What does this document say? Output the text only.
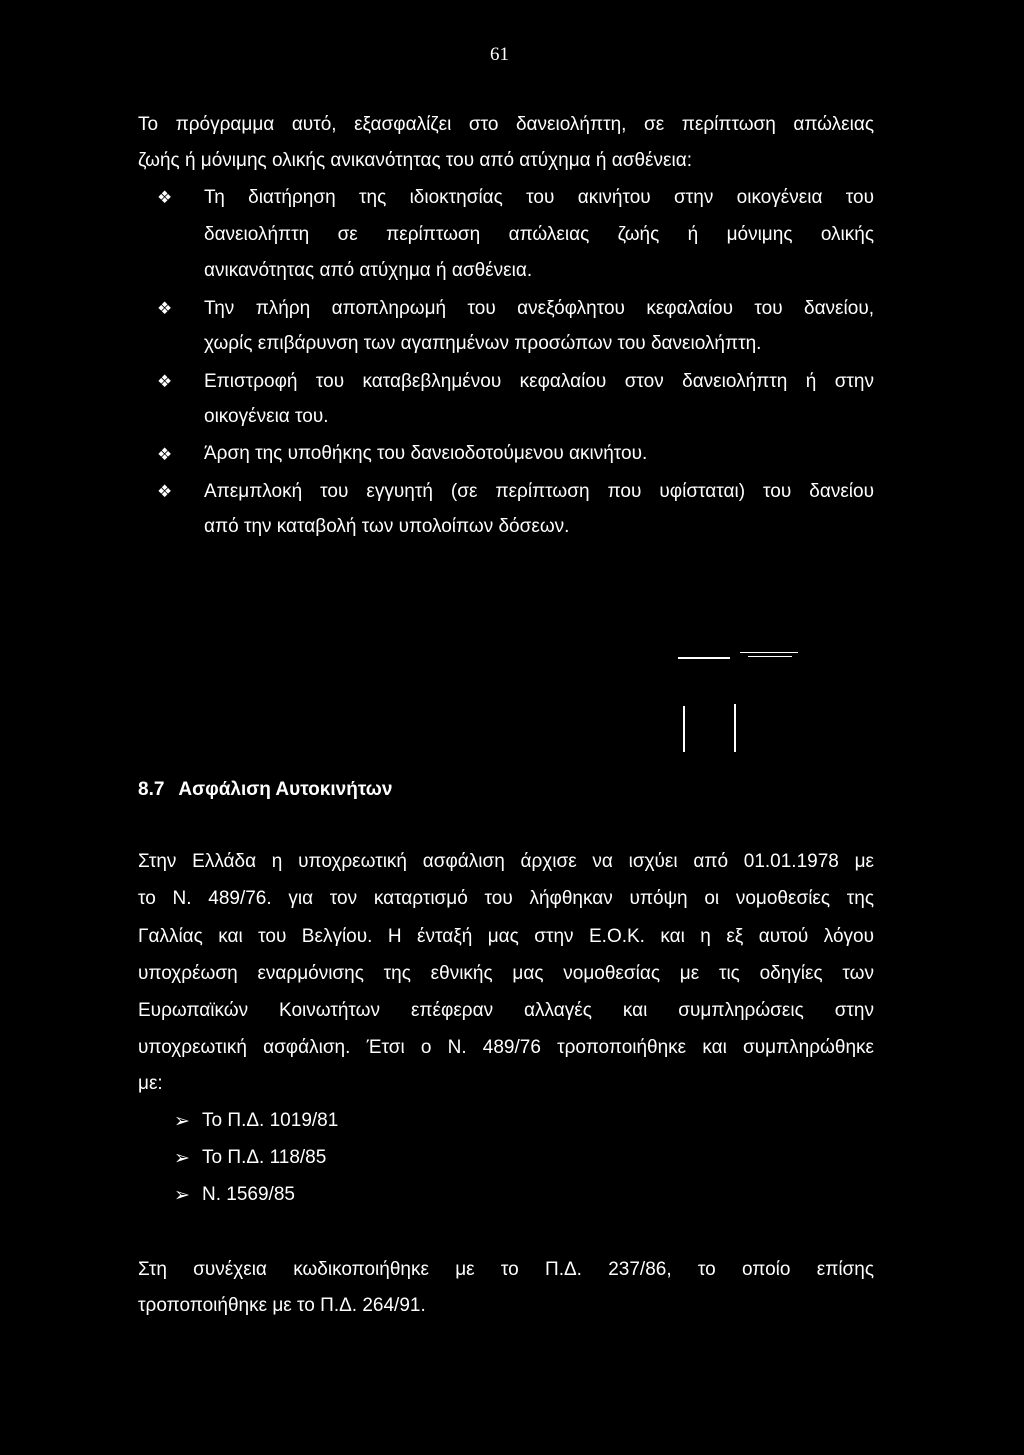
61
Το πρόγραμμα αυτό, εξασφαλίζει στο δανειολήπτη, σε περίπτωση απώλειας
ζωής ή μόνιμης ολικής ανικανότητας του από ατύχημα ή ασθένεια:
❖ Τη διατήρηση της ιδιοκτησίας του ακινήτου στην οικογένεια του
δανειολήπτη σε περίπτωση απώλειας ζωής ή μόνιμης ολικής
ανικανότητας από ατύχημα ή ασθένεια.
❖ Την πλήρη αποπληρωμή του ανεξόφλητου κεφαλαίου του δανείου,
χωρίς επιβάρυνση των αγαπημένων προσώπων του δανειολήπτη.
❖ Επιστροφή του καταβεβλημένου κεφαλαίου στον δανειολήπτη ή στην
οικογένεια του.
❖ Άρση της υποθήκης του δανειοδοτούμενου ακινήτου.
❖ Απεμπλοκή του εγγυητή (σε περίπτωση που υφίσταται) του δανείου
από την καταβολή των υπολοίπων δόσεων.
8.7 Ασφάλιση Αυτοκινήτων
Στην Ελλάδα η υποχρεωτική ασφάλιση άρχισε να ισχύει από 01.01.1978 με
το Ν. 489/76. για τον καταρτισμό του λήφθηκαν υπόψη οι νομοθεσίες της
Γαλλίας και του Βελγίου. Η ένταξή μας στην Ε.Ο.Κ. και η εξ αυτού λόγου
υποχρέωση εναρμόνισης της εθνικής μας νομοθεσίας με τις οδηγίες των
Ευρωπαϊκών Κοινωτήτων επέφεραν αλλαγές και συμπληρώσεις στην
υποχρεωτική ασφάλιση. Έτσι ο Ν. 489/76 τροποποιήθηκε και συμπληρώθηκε
με:
➢ Το Π.Δ. 1019/81
➢ Το Π.Δ. 118/85
➢ Ν. 1569/85
Στη συνέχεια κωδικοποιήθηκε με το Π.Δ. 237/86, το οποίο επίσης
τροποποιήθηκε με το Π.Δ. 264/91.
